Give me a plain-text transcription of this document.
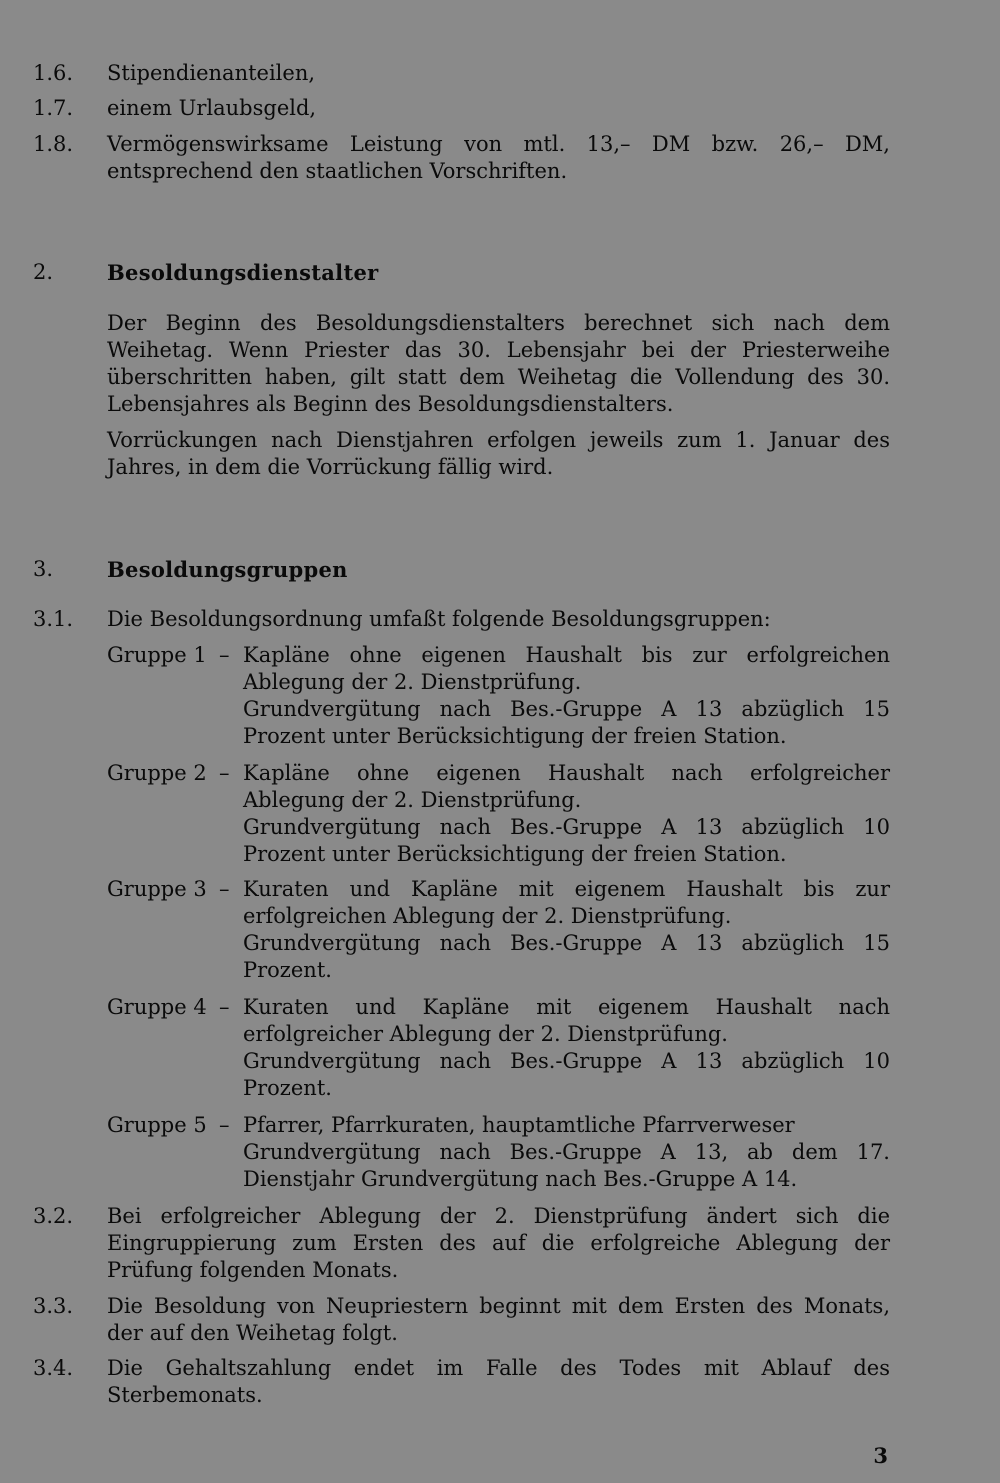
1.6.	Stipendienanteilen,

1.7.	einem Urlaubsgeld,

1.8.	Vermögenswirksame Leistung von mtl. 13,– DM bzw. 26,– DM, entsprechend den staatlichen Vorschriften.

2.	Besoldungsdienstalter

Der Beginn des Besoldungsdienstalters berechnet sich nach dem Weihetag. Wenn Priester das 30. Lebensjahr bei der Priesterweihe überschritten haben, gilt statt dem Weihetag die Vollendung des 30. Lebensjahres als Beginn des Besoldungsdienstalters.

Vorrückungen nach Dienstjahren erfolgen jeweils zum 1. Januar des Jahres, in dem die Vorrückung fällig wird.

3.	Besoldungsgruppen
3.1.	Die Besoldungsordnung umfaßt folgende Besoldungsgruppen:

Gruppe 1 – Kapläne ohne eigenen Haushalt bis zur erfolgreichen Ablegung der 2. Dienstprüfung.

Grundvergütung nach Bes.-Gruppe A 13 abzüglich 15 Prozent unter Berücksichtigung der freien Station.

Gruppe 2 – Kapläne ohne eigenen Haushalt nach erfolgreicher Ablegung der 2. Dienstprüfung.

Grundvergütung nach Bes.-Gruppe A 13 abzüglich 10 Prozent unter Berücksichtigung der freien Station.

Gruppe 3 – Kuraten und Kapläne mit eigenem Haushalt bis zur erfolgreichen Ablegung der 2. Dienstprüfung.

Grundvergütung nach Bes.-Gruppe A 13 abzüglich 15 Prozent.

Gruppe 4 – Kuraten und Kapläne mit eigenem Haushalt nach erfolgreicher Ablegung der 2. Dienstprüfung.

Grundvergütung nach Bes.-Gruppe A 13 abzüglich 10 Prozent.

Gruppe 5 – Pfarrer, Pfarrkuraten, hauptamtliche Pfarrverweser

Grundvergütung nach Bes.-Gruppe A 13, ab dem 17. Dienstjahr Grundvergütung nach Bes.-Gruppe A 14.

3.2.	Bei erfolgreicher Ablegung der 2. Dienstprüfung ändert sich die Eingruppierung zum Ersten des auf die erfolgreiche Ablegung der Prüfung folgenden Monats.

3.3.	Die Besoldung von Neupriestern beginnt mit dem Ersten des Monats, der auf den Weihetag folgt.

3.4.	Die Gehaltszahlung endet im Falle des Todes mit Ablauf des Sterbemonats.

3
